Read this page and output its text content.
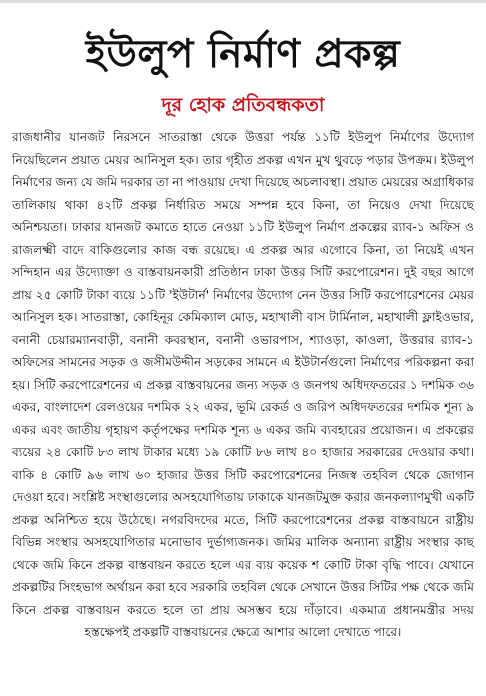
ইউলুপ নির্মাণ প্রকল্প
দূর হোক প্রতিবন্ধকতা

রাজধানীর যানজট নিরসনে সাতরাস্তা থেকে উত্তরা পর্যন্ত ১১টি ইউলুপ নির্মাণের উদ্যোগ নিয়েছিলেন প্রয়াত মেয়র আনিসুল হক। তার গৃহীত প্রকল্প এখন মুখ থুবড়ে পড়ার উপক্রম। ইউলুপ নির্মাণের জন্য যে জমি দরকার তা না পাওয়ায় দেখা দিয়েছে অচলাবস্থা। প্রয়াত মেয়রের অগ্রাধিকার তালিকায় থাকা ৪২টি প্রকল্প নির্ধারিত সময়ে সম্পন্ন হবে কিনা, তা নিয়েও দেখা দিয়েছে অনিশ্চয়তা। ঢাকার যানজট কমাতে হাতে নেওয়া ১১টি ইউলুপ নির্মাণ প্রকল্পের র‍্যাব-১ অফিস ও রাজলক্ষ্মী বাদে বাকিগুলোর কাজ বন্ধ রয়েছে। এ প্রকল্প আর এগোবে কিনা, তা নিয়েই এখন সন্দিহান এর উদ্যোক্তা ও বাস্তবায়নকারী প্রতিষ্ঠান ঢাকা উত্তর সিটি করপোরেশন। দুই বছর আগে প্রায় ২৫ কোটি টাকা ব্যয়ে ১১টি 'ইউটার্ন' নির্মাণের উদ্যোগ নেন উত্তর সিটি করপোরেশনের মেয়র আনিসুল হক। সাতরাস্তা, কোহিনূর কেমিক্যাল মোড়, মহাখালী বাস টার্মিনাল, মহাখালী ফ্লাইওভার, বনানী চেয়ারম্যানবাড়ী, বনানী কবরস্থান, বনানী ওভারপাস, শ্যাওড়া, কাওলা, উত্তরার র‍্যাব-১ অফিসের সামনের সড়ক ও জসীমউদ্দীন সড়কের সামনে এ ইউটার্নগুলো নির্মাণের পরিকল্পনা করা হয়। সিটি করপোরেশনের এ প্রকল্প বাস্তবায়নের জন্য সড়ক ও জনপথ অধিদফতরের ১ দশমিক ৩৬ একর, বাংলাদেশ রেলওয়ের দশমিক ২২ একর, ভূমি রেকর্ড ও জরিপ অধিদফতরের দশমিক শূন্য ৯ একর এবং জাতীয় গৃহায়ণ কর্তৃপক্ষের দশমিক শূন্য ৬ একর জমি ব্যবহারের প্রয়োজন। এ প্রকল্পের ব্যয়ের ২৪ কোটি ৮৩ লাখ টাকার মধ্যে ১৯ কোটি ৮৬ লাখ ৪০ হাজার সরকারের দেওয়ার কথা। বাকি ৪ কোটি ৯৬ লাখ ৬০ হাজার উত্তর সিটি করপোরেশনের নিজস্ব তহবিল থেকে জোগান দেওয়া হবে। সংশ্লিষ্ট সংস্থাগুলোর অসহযোগিতায় ঢাকাকে যানজটমুক্ত করার জনকল্যাণমুখী একটি প্রকল্প অনিশ্চিত হয়ে উঠেছে। নগরবিদদের মতে, সিটি করপোরেশনের প্রকল্প বাস্তবায়নে রাষ্ট্রীয় বিভিন্ন সংস্থার অসহযোগিতার মনোভাব দুর্ভাগ্যজনক। জমির মালিক অন্যান্য রাষ্ট্রীয় সংস্থার কাছ থেকে জমি কিনে প্রকল্প বাস্তবায়ন করতে হলে এর ব্যয় কয়েক শ কোটি টাকা বৃদ্ধি পাবে। যেখানে প্রকল্পটির সিংহভাগ অর্থায়ন করা হবে সরকারি তহবিল থেকে সেখানে উত্তর সিটির পক্ষ থেকে জমি কিনে প্রকল্প বাস্তবায়ন করতে হলে তা প্রায় অসম্ভব হয়ে দাঁড়াবে। একমাত্র প্রধানমন্ত্রীর সদয় হস্তক্ষেপই প্রকল্পটি বাস্তবায়নের ক্ষেত্রে আশার আলো দেখাতে পারে।
